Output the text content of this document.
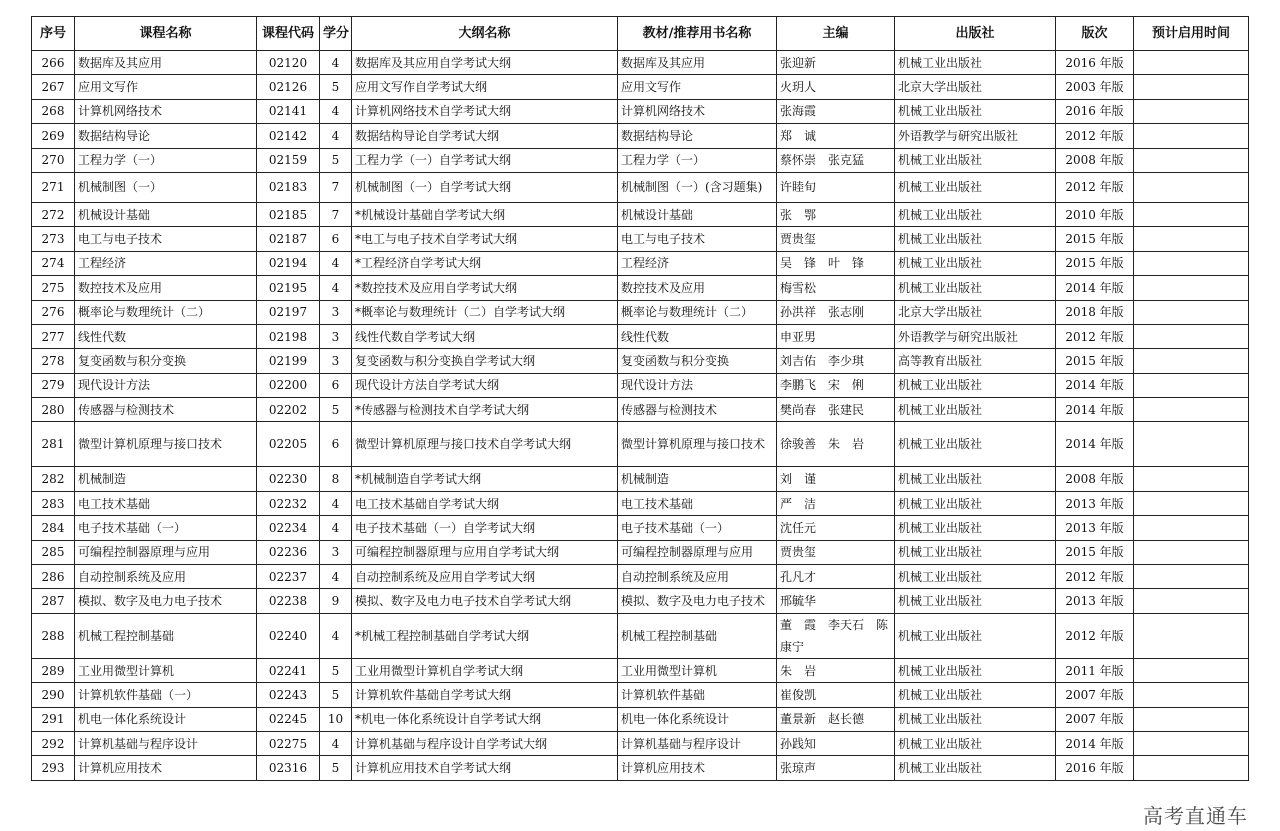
序号	课程名称	课程代码	学分	大纲名称	教材/推荐用书名称	主编	出版社	版次	预计启用时间
266	数据库及其应用	02120	4	数据库及其应用自学考试大纲	数据库及其应用	张迎新	机械工业出版社	2016 年版	
267	应用文写作	02126	5	应用文写作自学考试大纲	应用文写作	火玥人	北京大学出版社	2003 年版	
268	计算机网络技术	02141	4	计算机网络技术自学考试大纲	计算机网络技术	张海霞	机械工业出版社	2016 年版	
269	数据结构导论	02142	4	数据结构导论自学考试大纲	数据结构导论	郑　诚	外语教学与研究出版社	2012 年版	
270	工程力学（一）	02159	5	工程力学（一）自学考试大纲	工程力学（一）	蔡怀崇　张克猛	机械工业出版社	2008 年版	
271	机械制图（一）	02183	7	机械制图（一）自学考试大纲	机械制图（一）(含习题集)	许睦旬	机械工业出版社	2012 年版	
272	机械设计基础	02185	7	*机械设计基础自学考试大纲	机械设计基础	张　鄂	机械工业出版社	2010 年版	
273	电工与电子技术	02187	6	*电工与电子技术自学考试大纲	电工与电子技术	贾贵玺	机械工业出版社	2015 年版	
274	工程经济	02194	4	*工程经济自学考试大纲	工程经济	吴　锋　叶　锋	机械工业出版社	2015 年版	
275	数控技术及应用	02195	4	*数控技术及应用自学考试大纲	数控技术及应用	梅雪松	机械工业出版社	2014 年版	
276	概率论与数理统计（二）	02197	3	*概率论与数理统计（二）自学考试大纲	概率论与数理统计（二）	孙洪祥　张志刚	北京大学出版社	2018 年版	
277	线性代数	02198	3	线性代数自学考试大纲	线性代数	申亚男	外语教学与研究出版社	2012 年版	
278	复变函数与积分变换	02199	3	复变函数与积分变换自学考试大纲	复变函数与积分变换	刘吉佑　李少琪	高等教育出版社	2015 年版	
279	现代设计方法	02200	6	现代设计方法自学考试大纲	现代设计方法	李鹏飞　宋　俐	机械工业出版社	2014 年版	
280	传感器与检测技术	02202	5	*传感器与检测技术自学考试大纲	传感器与检测技术	樊尚春　张建民	机械工业出版社	2014 年版	
281	微型计算机原理与接口技术	02205	6	微型计算机原理与接口技术自学考试大纲	微型计算机原理与接口技术	徐骏善　朱　岩	机械工业出版社	2014 年版	
282	机械制造	02230	8	*机械制造自学考试大纲	机械制造	刘　谨	机械工业出版社	2008 年版	
283	电工技术基础	02232	4	电工技术基础自学考试大纲	电工技术基础	严　洁	机械工业出版社	2013 年版	
284	电子技术基础（一）	02234	4	电子技术基础（一）自学考试大纲	电子技术基础（一）	沈任元	机械工业出版社	2013 年版	
285	可编程控制器原理与应用	02236	3	可编程控制器原理与应用自学考试大纲	可编程控制器原理与应用	贾贵玺	机械工业出版社	2015 年版	
286	自动控制系统及应用	02237	4	自动控制系统及应用自学考试大纲	自动控制系统及应用	孔凡才	机械工业出版社	2012 年版	
287	模拟、数字及电力电子技术	02238	9	模拟、数字及电力电子技术自学考试大纲	模拟、数字及电力电子技术	邢毓华	机械工业出版社	2013 年版	
288	机械工程控制基础	02240	4	*机械工程控制基础自学考试大纲	机械工程控制基础	董　霞　李天石　陈康宁	机械工业出版社	2012 年版	
289	工业用微型计算机	02241	5	工业用微型计算机自学考试大纲	工业用微型计算机	朱　岩	机械工业出版社	2011 年版	
290	计算机软件基础（一）	02243	5	计算机软件基础自学考试大纲	计算机软件基础	崔俊凯	机械工业出版社	2007 年版	
291	机电一体化系统设计	02245	10	*机电一体化系统设计自学考试大纲	机电一体化系统设计	董景新　赵长德	机械工业出版社	2007 年版	
292	计算机基础与程序设计	02275	4	计算机基础与程序设计自学考试大纲	计算机基础与程序设计	孙践知	机械工业出版社	2014 年版	
293	计算机应用技术	02316	5	计算机应用技术自学考试大纲	计算机应用技术	张琼声	机械工业出版社	2016 年版	
高考直通车
